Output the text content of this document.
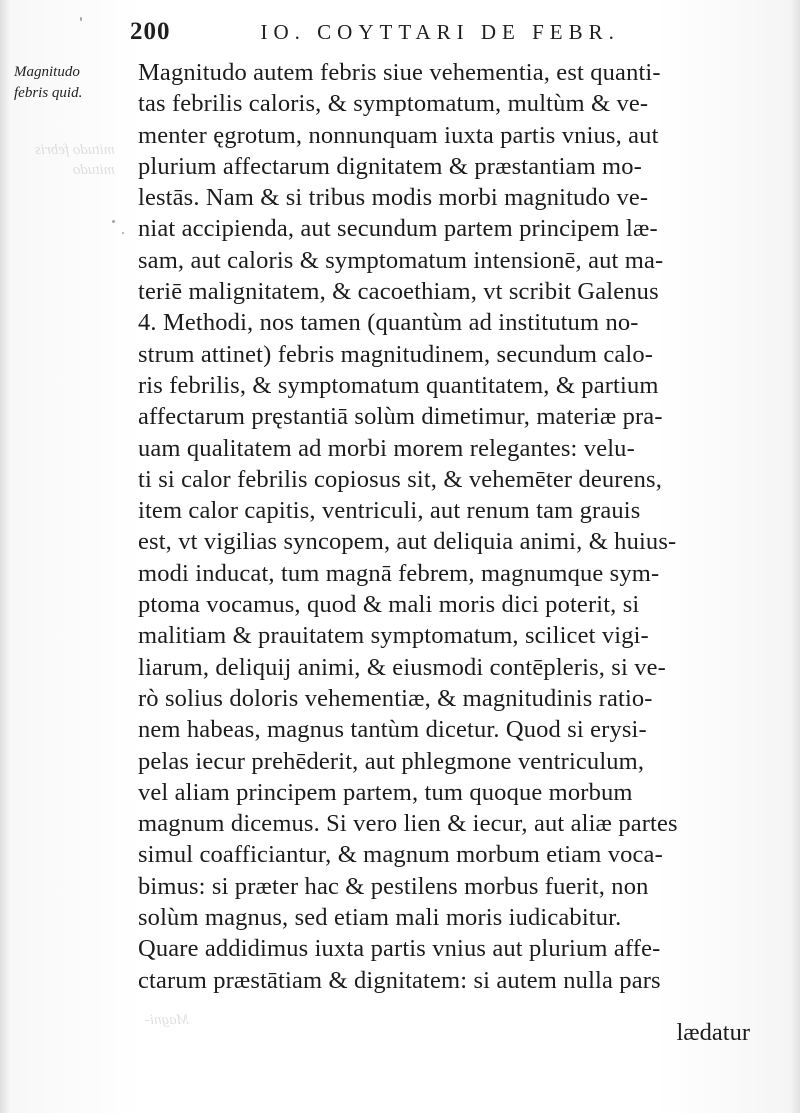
200	IO. COYTTARI DE FEBR.
Magnitudo
febris quid.
mitudo febris
mitudo
Magni-
Magnitudo autem febris siue vehementia, est quanti-
tas febrilis caloris, & symptomatum, multùm & ve-
menter ęgrotum, nonnunquam iuxta partis vnius, aut
plurium affectarum dignitatem & præstantiam mo-
lestās. Nam & si tribus modis morbi magnitudo ve-
niat accipienda, aut secundum partem principem læ-
sam, aut caloris & symptomatum intensionē, aut ma-
teriē malignitatem, & cacoethiam, vt scribit Galenus
4. Methodi, nos tamen (quantùm ad institutum no-
strum attinet) febris magnitudinem, secundum calo-
ris febrilis, & symptomatum quantitatem, & partium
affectarum pręstantiā solùm dimetimur, materiæ pra-
uam qualitatem ad morbi morem relegantes: velu-
ti si calor febrilis copiosus sit, & vehemēter deurens,
item calor capitis, ventriculi, aut renum tam grauis
est, vt vigilias syncopem, aut deliquia animi, & huius-
modi inducat, tum magnā febrem, magnumque sym-
ptoma vocamus, quod & mali moris dici poterit, si
malitiam & prauitatem symptomatum, scilicet vigi-
liarum, deliquij animi, & eiusmodi contēpleris, si ve-
rò solius doloris vehementiæ, & magnitudinis ratio-
nem habeas, magnus tantùm dicetur. Quod si erysi-
pelas iecur prehēderit, aut phlegmone ventriculum,
vel aliam principem partem, tum quoque morbum
magnum dicemus. Si vero lien & iecur, aut aliæ partes
simul coafficiantur, & magnum morbum etiam voca-
bimus: si præter hac & pestilens morbus fuerit, non
solùm magnus, sed etiam mali moris iudicabitur.
Quare addidimus iuxta partis vnius aut plurium affe-
ctarum præstātiam & dignitatem: si autem nulla pars
lædatur
